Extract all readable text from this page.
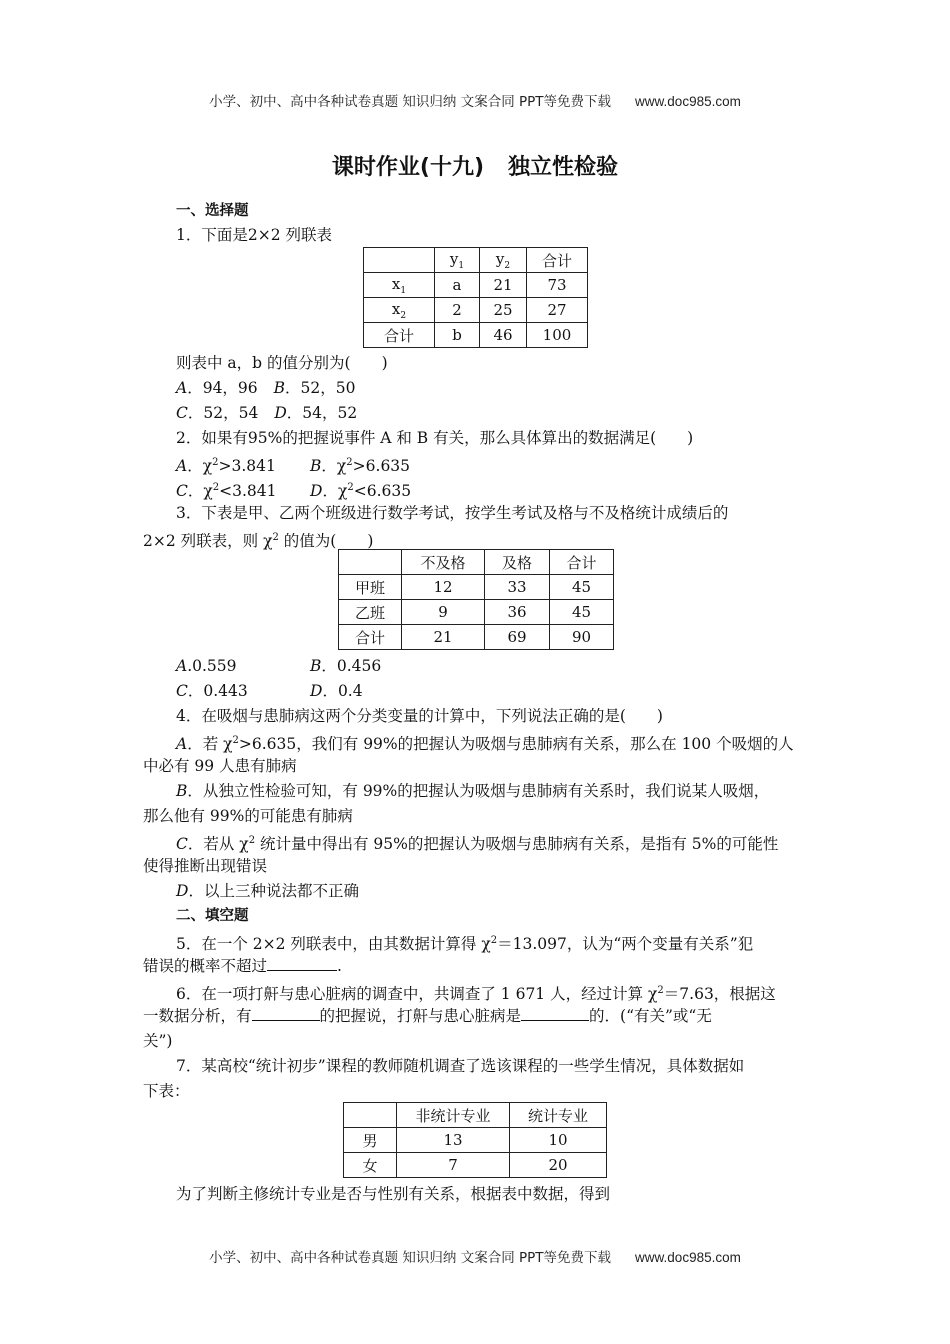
小学、初中、高中各种试卷真题 知识归纳 文案合同 PPT等免费下载 www.doc985.com
课时作业(十九) 独立性检验
一、选择题
1．下面是2×2 列联表
	$y_1$	$y_2$	合计
$x_1$	a	21	73
$x_2$	2	25	27
合计	b	46	100
则表中 a，b 的值分别为(　　)
A．94，96 B．52，50
C．52，54 D．54，52
2．如果有95%的把握说事件 A 和 B 有关，那么具体算出的数据满足(　　)
A．$\chi^2>3.841$ B．$\chi^2>6.635$
C．$\chi^2<3.841$ D．$\chi^2<6.635$
3．下表是甲、乙两个班级进行数学考试，按学生考试及格与不及格统计成绩后的
2×2 列联表，则 $\chi^2$ 的值为(　　)
	不及格	及格	合计
甲班	12	33	45
乙班	9	36	45
合计	21	69	90
A.0.559	B．0.456
C．0.443	D．0.4
4．在吸烟与患肺病这两个分类变量的计算中，下列说法正确的是(　　)
A．若 $\chi^2>6.635$，我们有 99%的把握认为吸烟与患肺病有关系，那么在 100 个吸烟的人
中必有 99 人患有肺病
B．从独立性检验可知，有 99%的把握认为吸烟与患肺病有关系时，我们说某人吸烟，
那么他有 99%的可能患有肺病
C．若从 $\chi^2$ 统计量中得出有 95%的把握认为吸烟与患肺病有关系，是指有 5%的可能性
使得推断出现错误
D．以上三种说法都不正确
二、填空题
5．在一个 2×2 列联表中，由其数据计算得 $\chi^2=13.097$，认为“两个变量有关系”犯
错误的概率不超过	.
6．在一项打鼾与患心脏病的调查中，共调查了 1 671 人，经过计算 $\chi^2=7.63$，根据这
一数据分析，有	的把握说，打鼾与患心脏病是	的．(“有关”或“无
关”)
7．某高校“统计初步”课程的教师随机调查了选该课程的一些学生情况，具体数据如
下表：
	非统计专业	统计专业
男	13	10
女	7	20
为了判断主修统计专业是否与性别有关系，根据表中数据，得到
小学、初中、高中各种试卷真题 知识归纳 文案合同 PPT等免费下载 www.doc985.com
